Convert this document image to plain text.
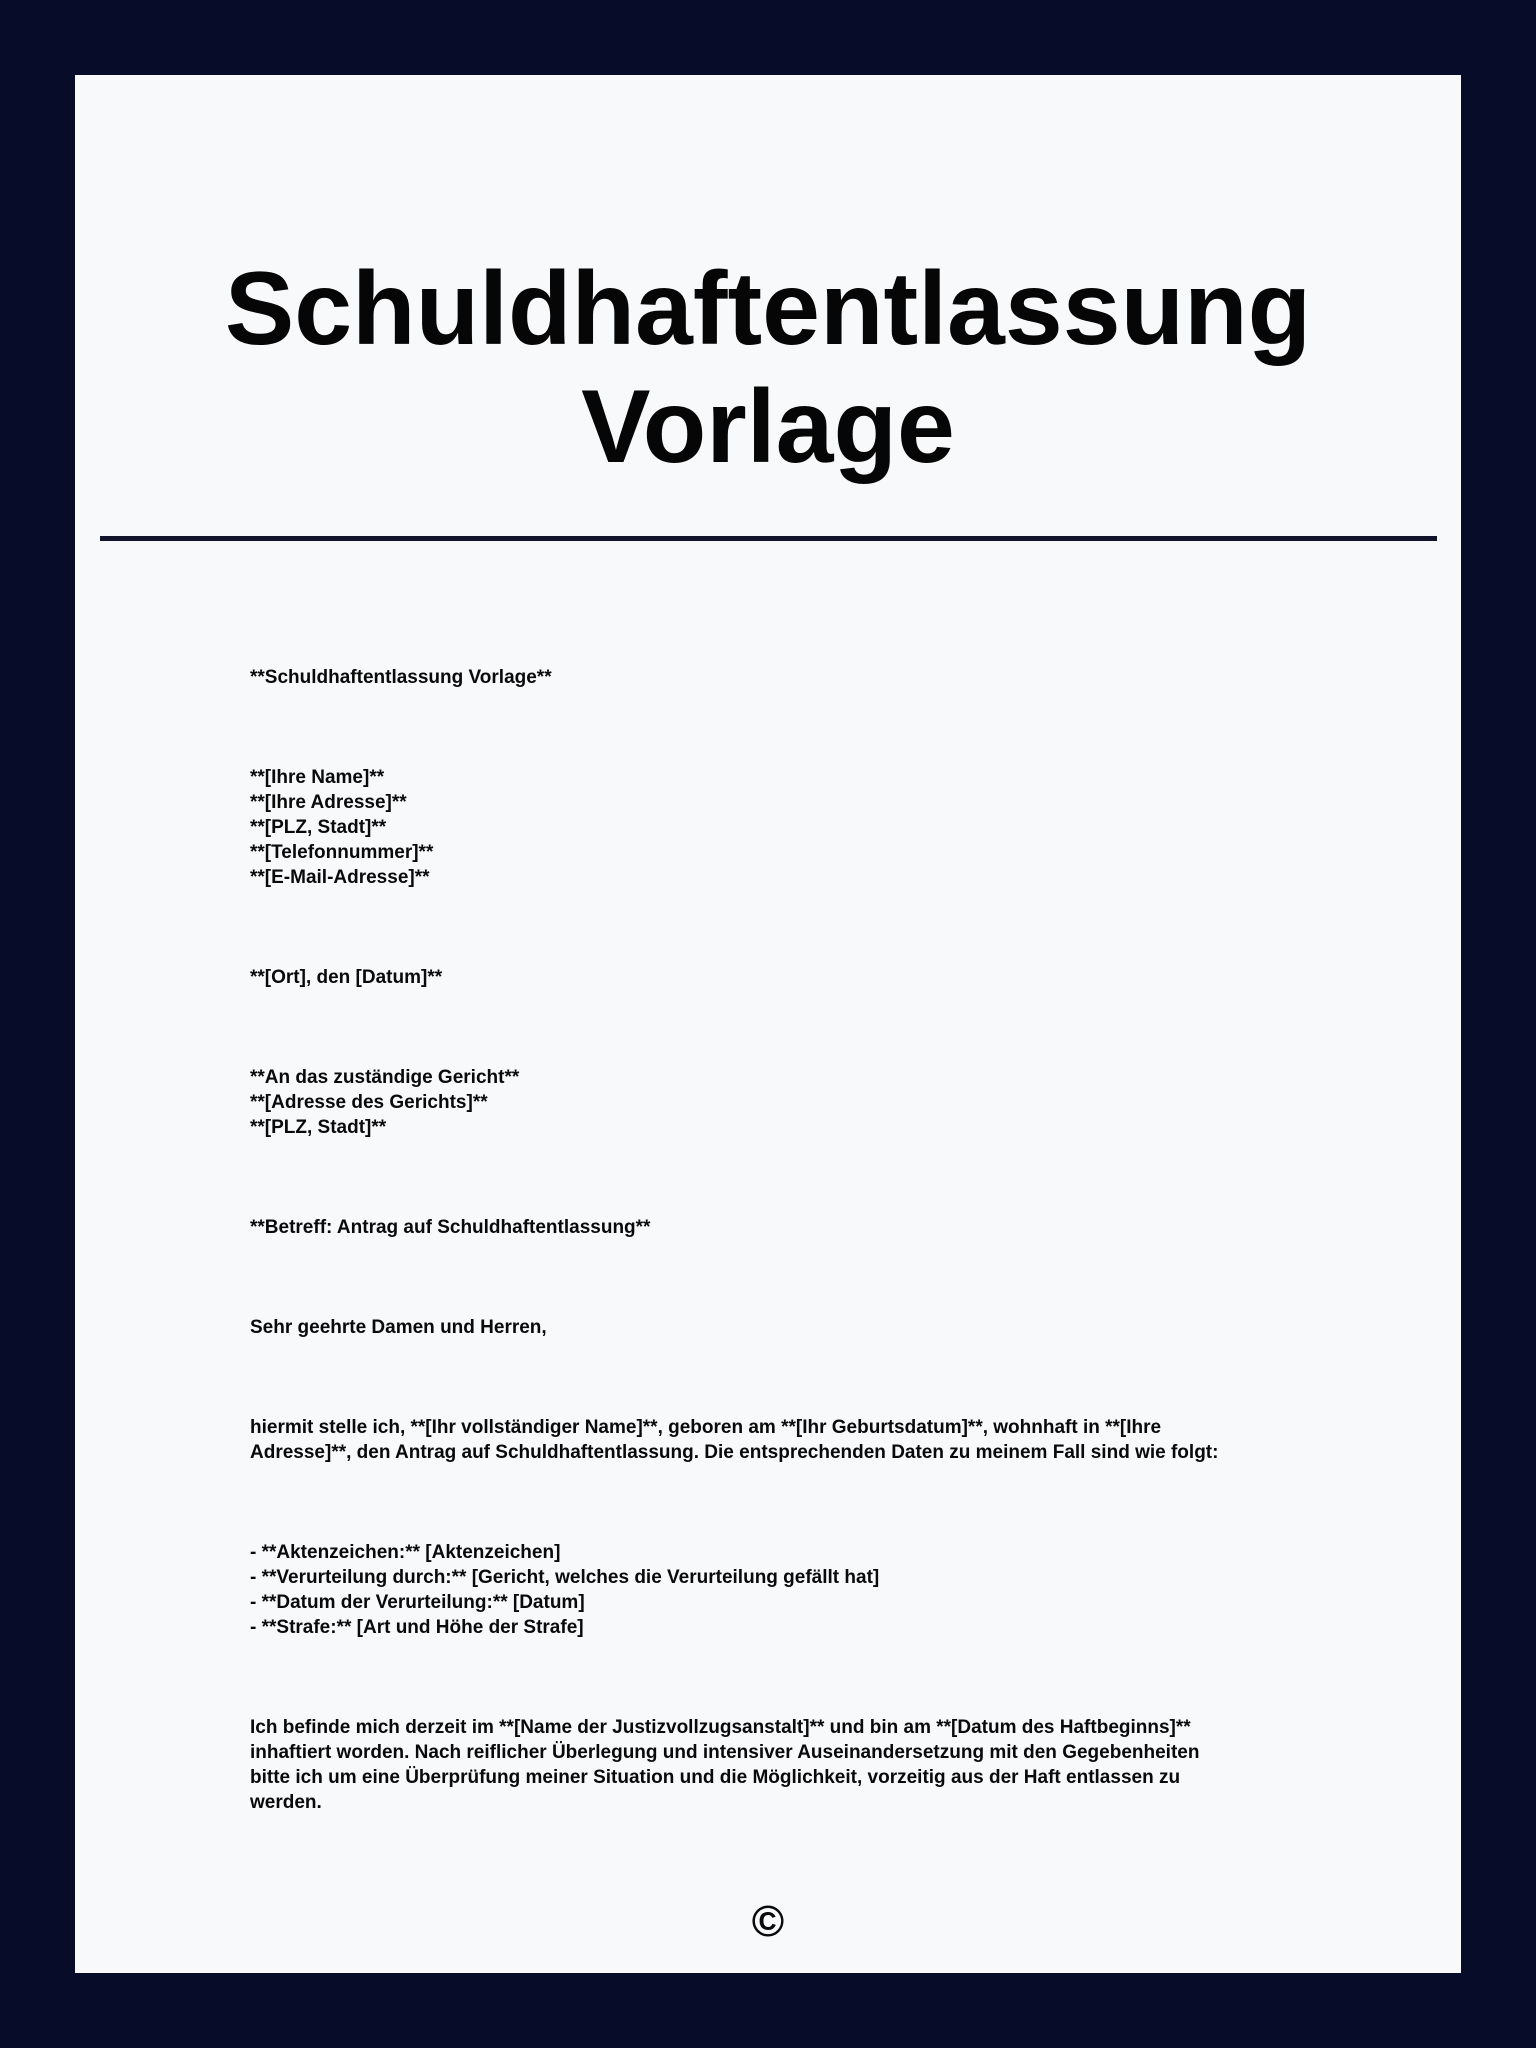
Schuldhaftentlassung
Vorlage

**Schuldhaftentlassung Vorlage**

**[Ihre Name]**
**[Ihre Adresse]**
**[PLZ, Stadt]**
**[Telefonnummer]**
**[E-Mail-Adresse]**

**[Ort], den [Datum]**

**An das zuständige Gericht**
**[Adresse des Gerichts]**
**[PLZ, Stadt]**

**Betreff: Antrag auf Schuldhaftentlassung**

Sehr geehrte Damen und Herren,

hiermit stelle ich, **[Ihr vollständiger Name]**, geboren am **[Ihr Geburtsdatum]**, wohnhaft in **[Ihre
Adresse]**, den Antrag auf Schuldhaftentlassung. Die entsprechenden Daten zu meinem Fall sind wie folgt:

- **Aktenzeichen:** [Aktenzeichen]
- **Verurteilung durch:** [Gericht, welches die Verurteilung gefällt hat]
- **Datum der Verurteilung:** [Datum]
- **Strafe:** [Art und Höhe der Strafe]

Ich befinde mich derzeit im **[Name der Justizvollzugsanstalt]** und bin am **[Datum des Haftbeginns]**
inhaftiert worden. Nach reiflicher Überlegung und intensiver Auseinandersetzung mit den Gegebenheiten
bitte ich um eine Überprüfung meiner Situation und die Möglichkeit, vorzeitig aus der Haft entlassen zu
werden.

©
